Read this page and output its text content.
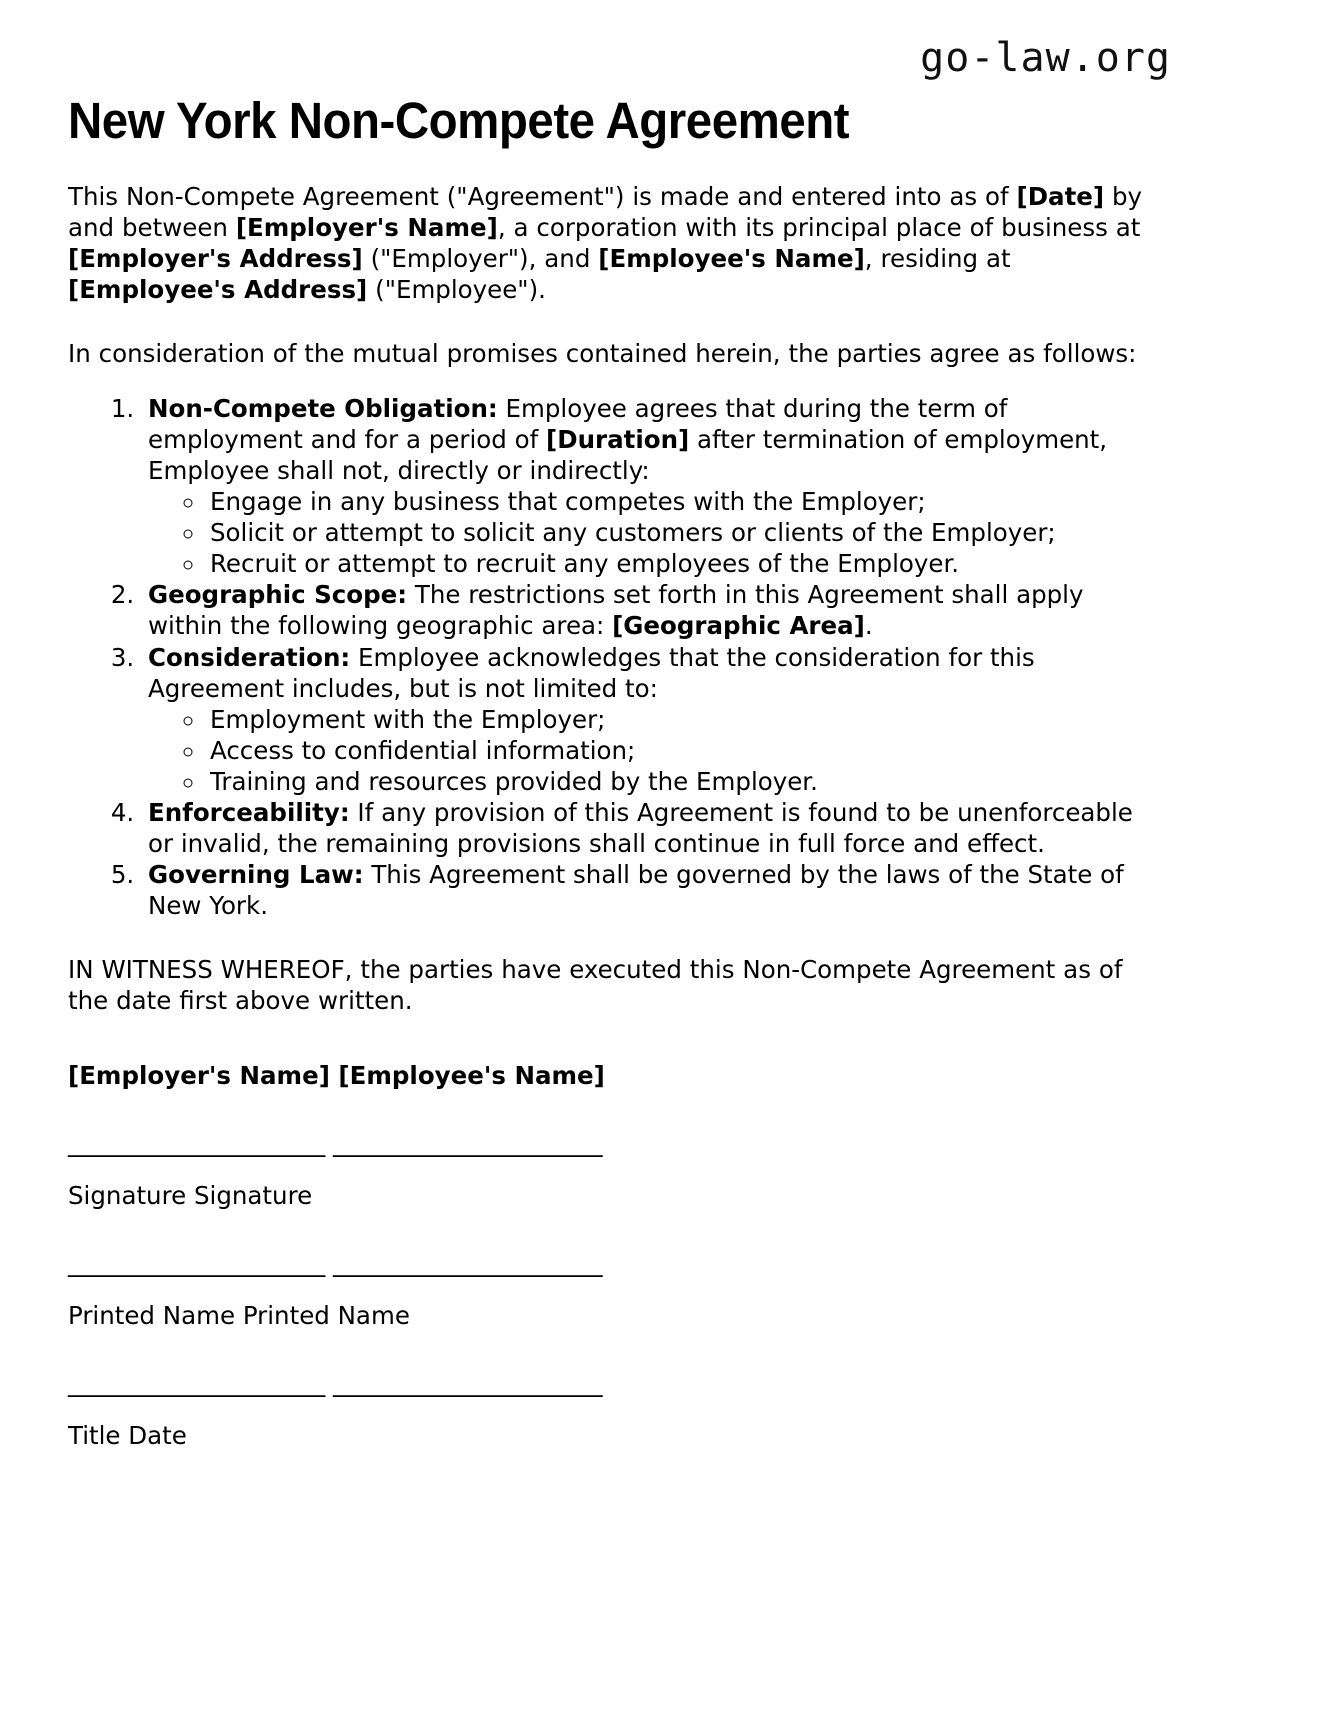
go-law.org
New York Non-Compete Agreement

This Non-Compete Agreement ("Agreement") is made and entered into as of [Date] by and between [Employer's Name], a corporation with its principal place of business at [Employer's Address] ("Employer"), and [Employee's Name], residing at [Employee's Address] ("Employee").

In consideration of the mutual promises contained herein, the parties agree as follows:

1. Non-Compete Obligation: Employee agrees that during the term of employment and for a period of [Duration] after termination of employment, Employee shall not, directly or indirectly:
◦ Engage in any business that competes with the Employer;
◦ Solicit or attempt to solicit any customers or clients of the Employer;
◦ Recruit or attempt to recruit any employees of the Employer.
2. Geographic Scope: The restrictions set forth in this Agreement shall apply within the following geographic area: [Geographic Area].
3. Consideration: Employee acknowledges that the consideration for this Agreement includes, but is not limited to:
◦ Employment with the Employer;
◦ Access to confidential information;
◦ Training and resources provided by the Employer.
4. Enforceability: If any provision of this Agreement is found to be unenforceable or invalid, the remaining provisions shall continue in full force and effect.
5. Governing Law: This Agreement shall be governed by the laws of the State of New York.

IN WITNESS WHEREOF, the parties have executed this Non-Compete Agreement as of the date first above written.

[Employer's Name] [Employee's Name]

_____________________ ______________________
Signature Signature
_____________________ ______________________
Printed Name Printed Name
_____________________ ______________________
Title Date
